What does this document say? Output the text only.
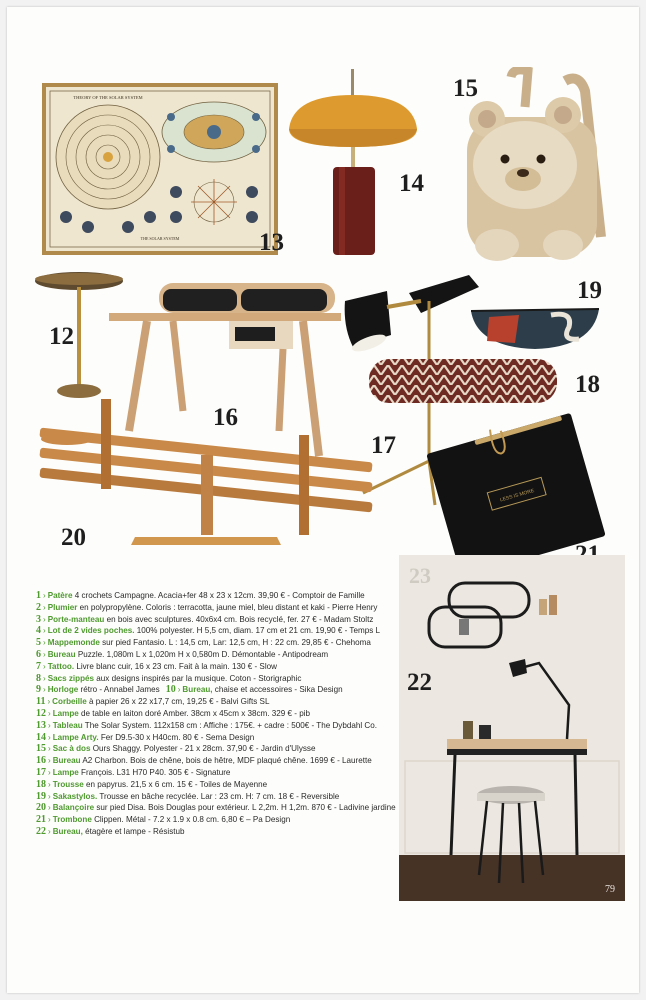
THEORY OF THE SOLAR SYSTEM
THE SOLAR SYSTEM	13
14
15
12
16
17
19
18
20
LESS IS MORE
22
23
79
1 › Patère 4 crochets Campagne. Acacia+fer 48 x 23 x 12cm. 39,90 € - Comptoir de Famille
2 › Plumier en polypropylène. Coloris : terracotta, jaune miel, bleu distant et kaki - Pierre Henry
3 › Porte-manteau en bois avec sculptures. 40x6x4 cm. Bois recyclé, fer. 27 € - Madam Stoltz
4 › Lot de 2 vides poches. 100% polyester. H 5,5 cm, diam. 17 cm et 21 cm. 19,90 € - Temps L
5 › Mappemonde sur pied Fantasio. L : 14,5 cm, Lar: 12,5 cm, H : 22 cm. 29,85 € - Chehoma
6 › Bureau Puzzle. 1,080m L x 1,020m H x 0,580m D. Démontable - Antipodream
7 › Tattoo. Livre blanc cuir, 16 x 23 cm. Fait à la main. 130 € - Slow
8 › Sacs zippés aux designs inspirés par la musique. Coton - Storigraphic
9 › Horloge rétro - Annabel James 10 › Bureau, chaise et accessoires - Sika Design
11 › Corbeille à papier 26 x 22 x17,7 cm, 19,25 € - Balvi Gifts SL
12 › Lampe de table en laiton doré Amber. 38cm x 45cm x 38cm. 329 € - pib
13 › Tableau The Solar System. 112x158 cm : Affiche : 175€. + cadre : 500€ - The Dybdahl Co.
14 › Lampe Arty. Fer D9.5-30 x H40cm. 80 € - Sema Design
15 › Sac à dos Ours Shaggy. Polyester - 21 x 28cm. 37,90 € - Jardin d'Ulysse
16 › Bureau A2 Charbon. Bois de chêne, bois de hêtre, MDF plaqué chêne. 1699 € - Laurette
17 › Lampe François. L31 H70 P40. 305 € - Signature
18 › Trousse en papyrus. 21,5 x 6 cm. 15 € - Toiles de Mayenne
19 › Sakastylos. Trousse en bâche recyclée. Lar : 23 cm. H: 7 cm. 18 € - Reversible
20 › Balançoire sur pied Disa. Bois Douglas pour extérieur. L 2,2m. H 1,2m. 870 € - Ladivine jardine
21 › Trombone Clippen. Métal - 7.2 x 1.9 x 0.8 cm. 6,80 € – Pa Design
22 › Bureau, étagère et lampe - Résistub
